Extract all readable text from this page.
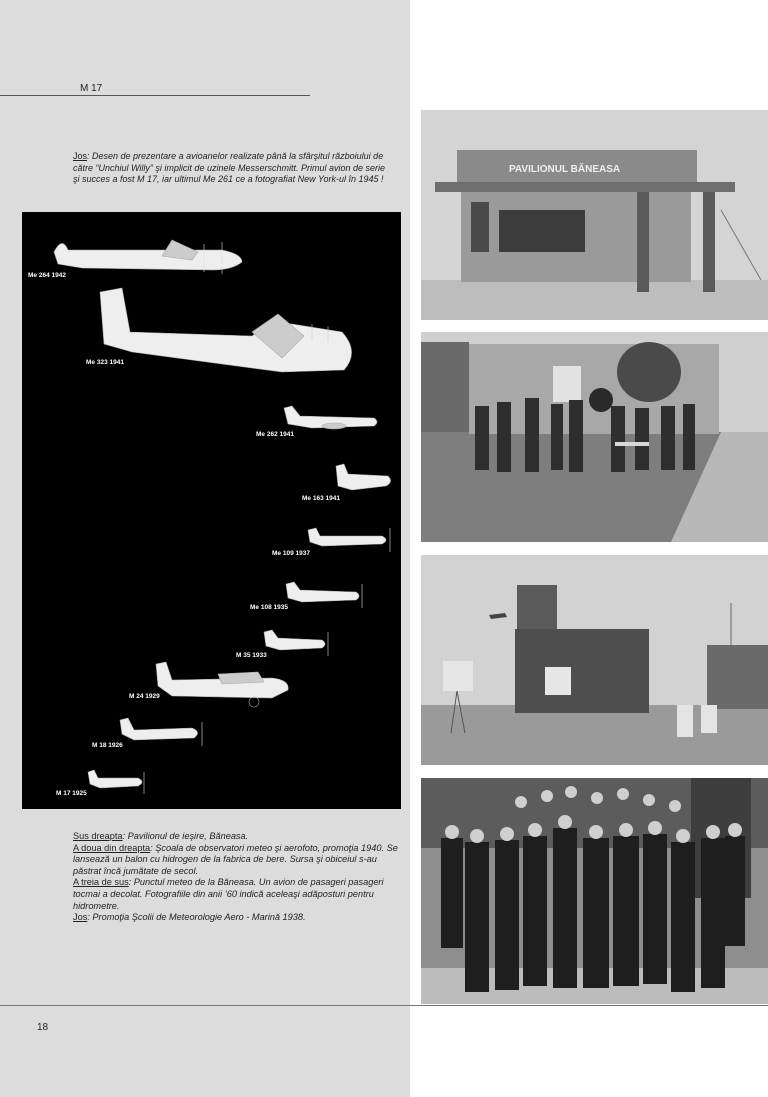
M 17
Jos: Desen de prezentare a avioanelor realizate până la sfârşitul războiului de către “Unchiul Willy” şi implicit de uzinele Messerschmitt. Primul avion de serie şi succes a fost M 17, iar ultimul Me 261 ce a fotografiat New York-ul în 1945 !
Me 264 1942
Me 323 1941
Me 262 1941
Me 163 1941
Me 109 1937
Me 108 1935
M 35 1933
M 24 1929
M 18 1926
M 17 1925

Sus dreapta: Pavilionul de ieşire, Băneasa.

A doua din dreapta: Şcoala de observatori meteo şi aerofoto, promoţia 1940. Se lansează un balon cu hidrogen de la fabrica de bere. Sursa şi obiceiul s-au păstrat încă jumătate de secol.

A treia de sus: Punctul meteo de la Băneasa. Un avion de pasageri pasageri tocmai a decolat. Fotografiile din anii ’60 indică aceleaşi adăposturi pentru hidrometre.

Jos: Promoţia Şcolii de Meteorologie Aero - Marină 1938.

PAVILIONUL BĂNEASA
18
